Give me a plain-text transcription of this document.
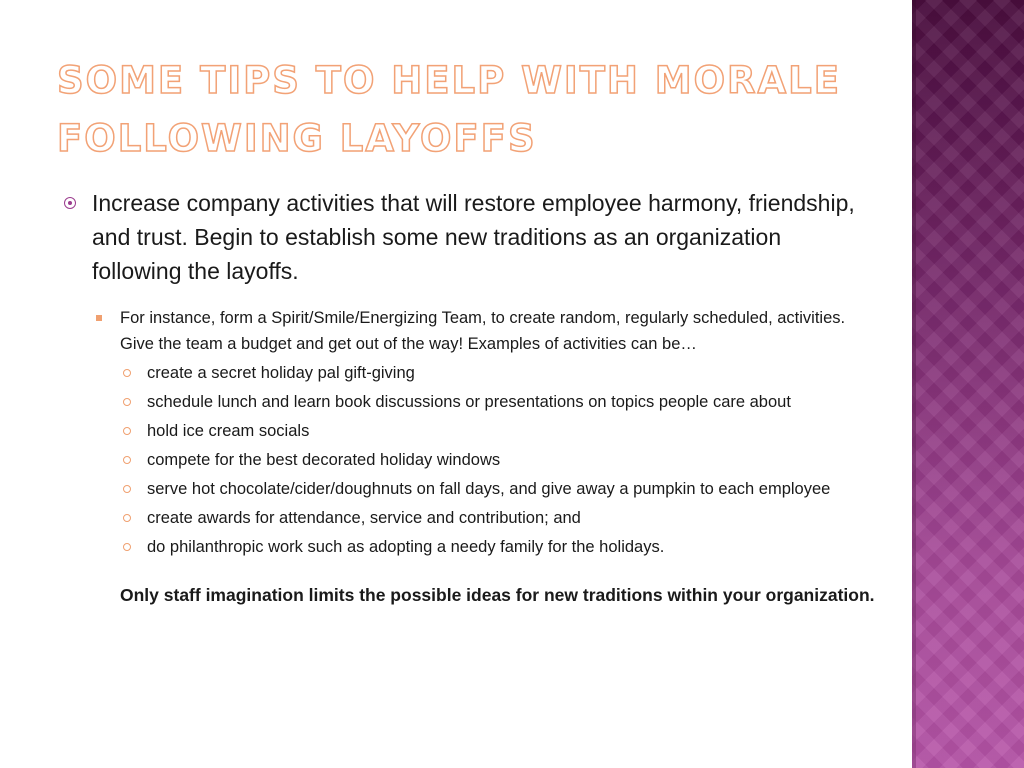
SOME TIPS TO HELP WITH MORALE FOLLOWING LAYOFFS

Increase company activities that will restore employee harmony, friendship, and trust. Begin to establish some new traditions as an organization following the layoffs.

For instance, form a Spirit/Smile/Energizing Team, to create random, regularly scheduled, activities. Give the team a budget and get out of the way! Examples of activities can be…

create a secret holiday pal gift-giving
schedule lunch and learn book discussions or presentations on topics people care about
hold ice cream socials
compete for the best decorated holiday windows
serve hot chocolate/cider/doughnuts on fall days, and give away a pumpkin to each employee
create awards for attendance, service and contribution; and
do philanthropic work such as adopting a needy family for the holidays.

Only staff imagination limits the possible ideas for new traditions within your organization.
